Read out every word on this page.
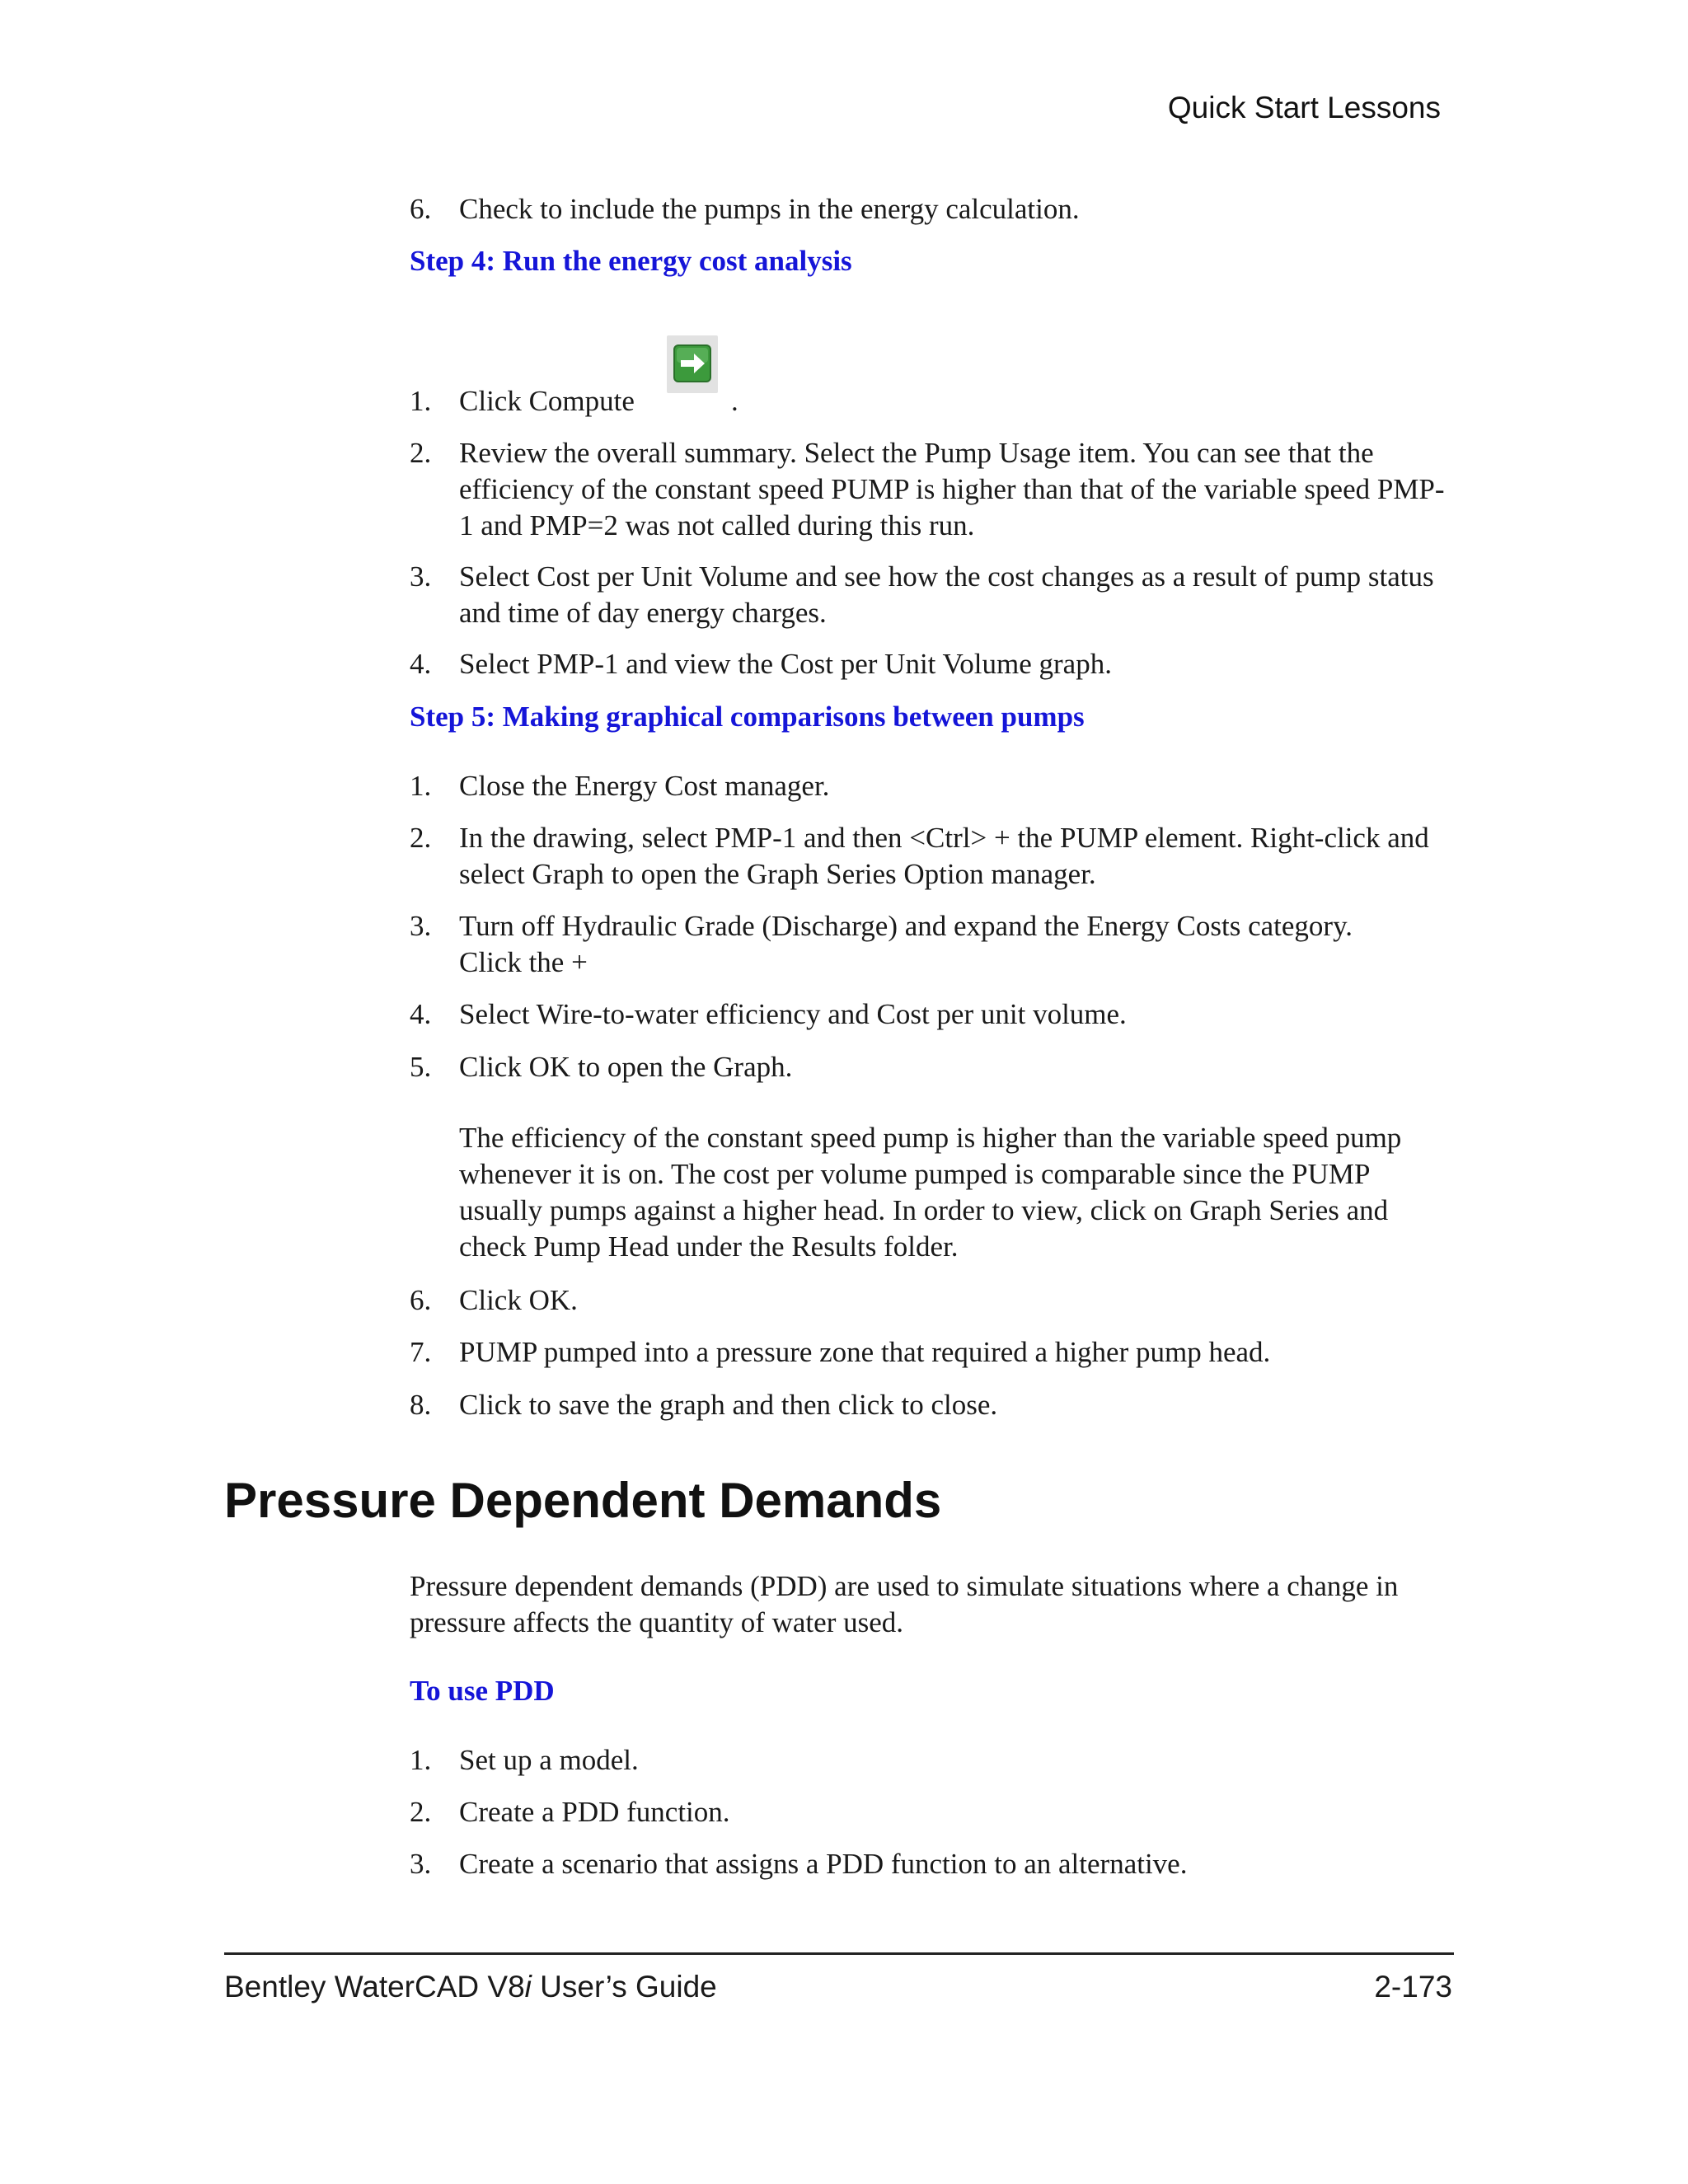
Quick Start Lessons
6. Check to include the pumps in the energy calculation.
Step 4: Run the energy cost analysis
1. Click Compute	.
2. Review the overall summary. Select the Pump Usage item. You can see that the efficiency of the constant speed PUMP is higher than that of the variable speed PMP-1 and PMP=2 was not called during this run.
3. Select Cost per Unit Volume and see how the cost changes as a result of pump status and time of day energy charges.
4. Select PMP-1 and view the Cost per Unit Volume graph.
Step 5: Making graphical comparisons between pumps
1. Close the Energy Cost manager.
2. In the drawing, select PMP-1 and then <Ctrl> + the PUMP element. Right-click and select Graph to open the Graph Series Option manager.
3. Turn off Hydraulic Grade (Discharge) and expand the Energy Costs category. Click the +
4. Select Wire-to-water efficiency and Cost per unit volume.
5. Click OK to open the Graph.
The efficiency of the constant speed pump is higher than the variable speed pump whenever it is on. The cost per volume pumped is comparable since the PUMP usually pumps against a higher head. In order to view, click on Graph Series and check Pump Head under the Results folder.
6. Click OK.
7. PUMP pumped into a pressure zone that required a higher pump head.
8. Click to save the graph and then click to close.
Pressure Dependent Demands
Pressure dependent demands (PDD) are used to simulate situations where a change in pressure affects the quantity of water used.
To use PDD
1. Set up a model.
2. Create a PDD function.
3. Create a scenario that assigns a PDD function to an alternative.
Bentley WaterCAD V8i User’s Guide	2-173
